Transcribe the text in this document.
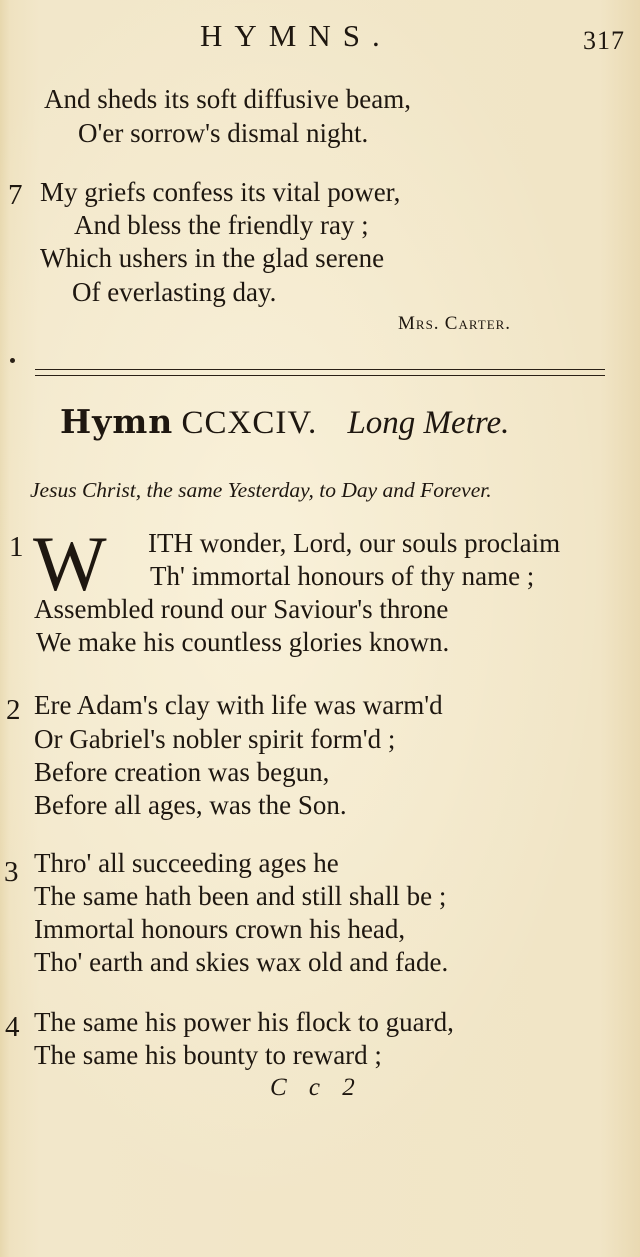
HYMNS.	317
And sheds its soft diffusive beam,
O'er sorrow's dismal night.
7 My griefs confess its vital power,
And bless the friendly ray ;
Which ushers in the glad serene
Of everlasting day.
Mrs. Carter.
Hymn CCXCIV. Long Metre.
Jesus Christ, the same Yesterday, to Day and Forever.
1 W ITH wonder, Lord, our souls proclaim
Th' immortal honours of thy name ;
Assembled round our Saviour's throne
We make his countless glories known.
2 Ere Adam's clay with life was warm'd
Or Gabriel's nobler spirit form'd ;
Before creation was begun,
Before all ages, was the Son.
3 Thro' all succeeding ages he
The same hath been and still shall be ;
Immortal honours crown his head,
Tho' earth and skies wax old and fade.
4 The same his power his flock to guard,
The same his bounty to reward ;
C c 2
